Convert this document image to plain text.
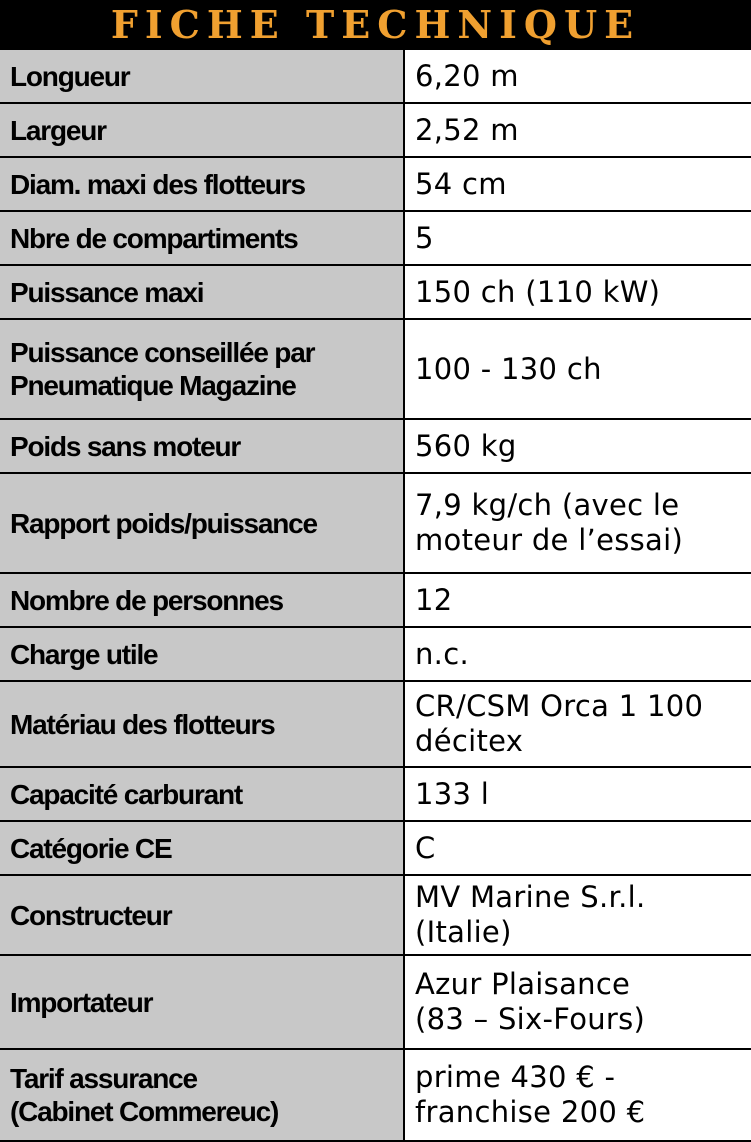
FICHE TECHNIQUE
Longueur	6,20 m

Largeur	2,52 m

Diam. maxi des flotteurs	54 cm

Nbre de compartiments	5

Puissance maxi	150 ch (110 kW)

Puissance conseillée par
Pneumatique Magazine	100 - 130 ch

Poids sans moteur	560 kg

Rapport poids/puissance	7,9 kg/ch (avec le
moteur de l’essai)

Nombre de personnes	12

Charge utile	n.c.

Matériau des flotteurs	CR/CSM Orca 1 100
décitex

Capacité carburant	133 l

Catégorie CE	C

Constructeur	MV Marine S.r.l.
(Italie)

Importateur	Azur Plaisance
(83 – Six-Fours)

Tarif assurance
(Cabinet Commereuc)	prime 430 € -
franchise 200 €
